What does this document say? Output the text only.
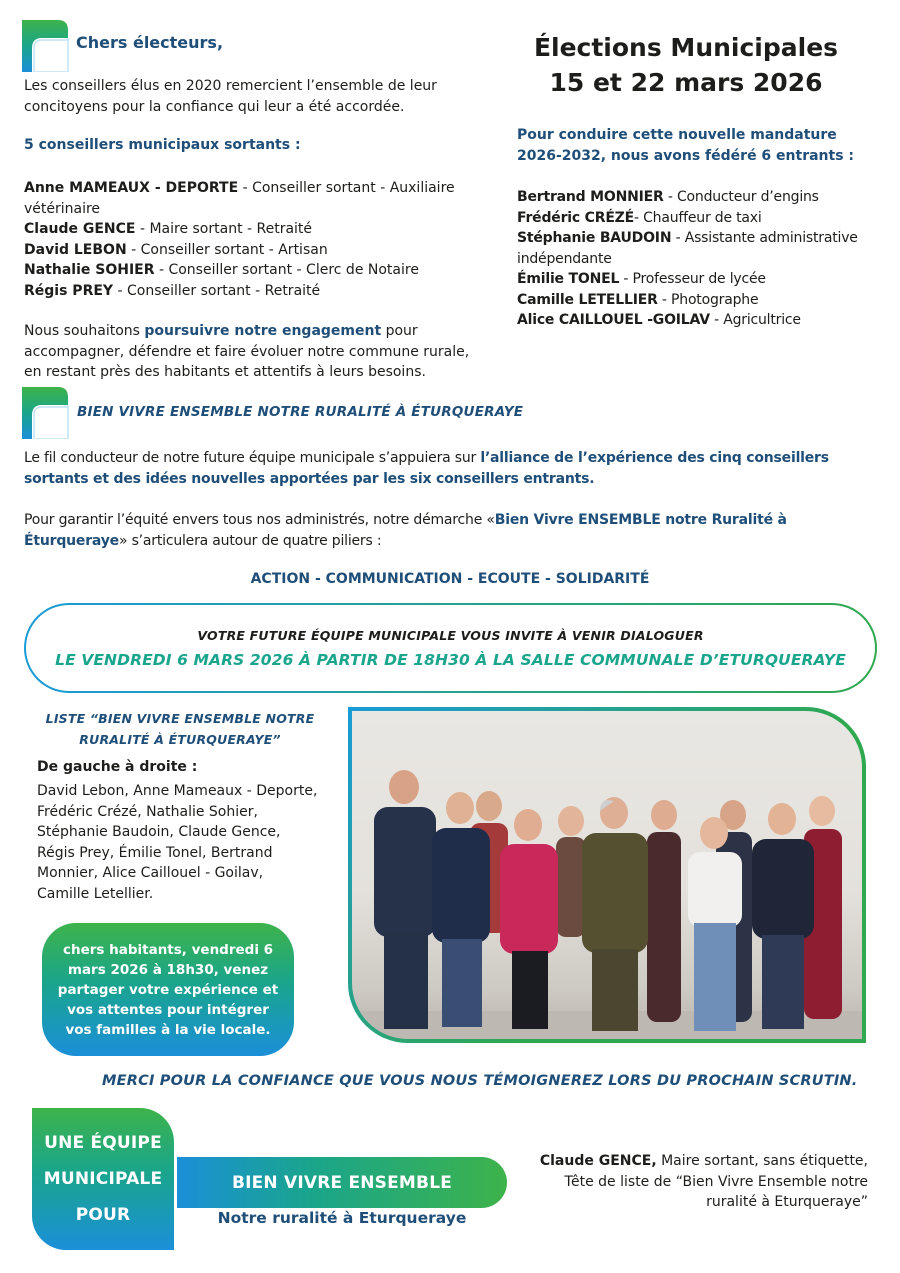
Chers électeurs,
Les conseillers élus en 2020 remercient l’ensemble de leur
concitoyens pour la confiance qui leur a été accordée.
5 conseillers municipaux sortants :
Anne MAMEAUX - DEPORTE - Conseiller sortant - Auxiliaire
vétérinaire
Claude GENCE - Maire sortant - Retraité
David LEBON - Conseiller sortant - Artisan
Nathalie SOHIER - Conseiller sortant - Clerc de Notaire
Régis PREY - Conseiller sortant - Retraité
Nous souhaitons poursuivre notre engagement pour
accompagner, défendre et faire évoluer notre commune rurale,
en restant près des habitants et attentifs à leurs besoins.
Élections Municipales
15 et 22 mars 2026
Pour conduire cette nouvelle mandature
2026-2032, nous avons fédéré 6 entrants :
Bertrand MONNIER - Conducteur d’engins
Frédéric CRÉZÉ- Chauffeur de taxi
Stéphanie BAUDOIN - Assistante administrative
indépendante
Émilie TONEL - Professeur de lycée
Camille LETELLIER - Photographe
Alice CAILLOUEL -GOILAV - Agricultrice
BIEN VIVRE ENSEMBLE NOTRE RURALITÉ À ÉTURQUERAYE
Le fil conducteur de notre future équipe municipale s’appuiera sur l’alliance de l’expérience des cinq conseillers
sortants et des idées nouvelles apportées par les six conseillers entrants.
Pour garantir l’équité envers tous nos administrés, notre démarche «Bien Vivre ENSEMBLE notre Ruralité à
Éturqueraye» s’articulera autour de quatre piliers :
ACTION - COMMUNICATION - ECOUTE - SOLIDARITÉ
VOTRE FUTURE ÉQUIPE MUNICIPALE VOUS INVITE À VENIR DIALOGUER
LE VENDREDI 6 MARS 2026 À PARTIR DE 18H30 À LA SALLE COMMUNALE D’ETURQUERAYE
LISTE “BIEN VIVRE ENSEMBLE NOTRE
RURALITÉ À ÉTURQUERAYE”
De gauche à droite :
David Lebon, Anne Mameaux - Deporte,
Frédéric Crézé, Nathalie Sohier,
Stéphanie Baudoin, Claude Gence,
Régis Prey, Émilie Tonel, Bertrand
Monnier, Alice Caillouel - Goilav,
Camille Letellier.
chers habitants, vendredi 6 mars 2026 à 18h30, venez partager votre expérience et vos attentes pour intégrer vos familles à la vie locale.
MERCI POUR LA CONFIANCE QUE VOUS NOUS TÉMOIGNEREZ LORS DU PROCHAIN SCRUTIN.
UNE ÉQUIPE
MUNICIPALE
POUR
BIEN VIVRE ENSEMBLE
Notre ruralité à Eturqueraye
Claude GENCE, Maire sortant, sans étiquette,
Tête de liste de “Bien Vivre Ensemble notre
ruralité à Eturqueraye”
